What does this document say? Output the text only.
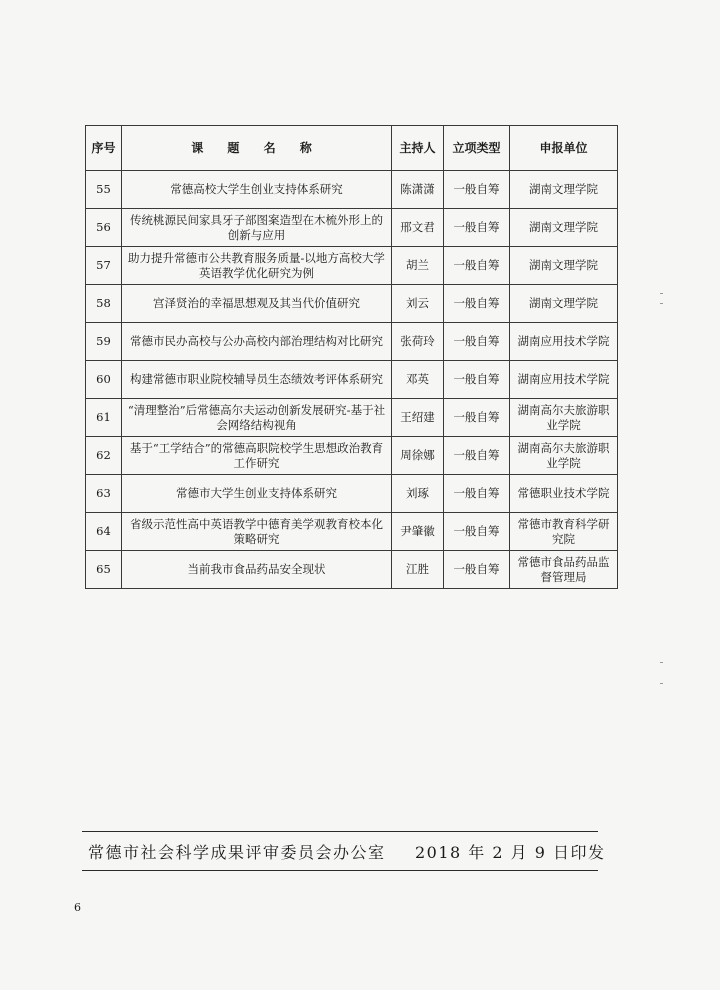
序号	课 题 名 称	主持人	立项类型	申报单位
55	常德高校大学生创业支持体系研究	陈潇潇	一般自筹	湖南文理学院
56	传统桃源民间家具牙子部图案造型在木梳外形上的创新与应用	邢文君	一般自筹	湖南文理学院
57	助力提升常德市公共教育服务质量-以地方高校大学英语教学优化研究为例	胡兰	一般自筹	湖南文理学院
58	宫泽贤治的幸福思想观及其当代价值研究	刘云	一般自筹	湖南文理学院
59	常德市民办高校与公办高校内部治理结构对比研究	张荷玲	一般自筹	湖南应用技术学院
60	构建常德市职业院校辅导员生态绩效考评体系研究	邓英	一般自筹	湖南应用技术学院
61	“清理整治”后常德高尔夫运动创新发展研究-基于社会网络结构视角	王绍建	一般自筹	湖南高尔夫旅游职业学院
62	基于“工学结合”的常德高职院校学生思想政治教育工作研究	周徐娜	一般自筹	湖南高尔夫旅游职业学院
63	常德市大学生创业支持体系研究	刘琢	一般自筹	常德职业技术学院
64	省级示范性高中英语教学中德育美学观教育校本化策略研究	尹肇徽	一般自筹	常德市教育科学研究院
65	当前我市食品药品安全现状	江胜	一般自筹	常德市食品药品监督管理局
常德市社会科学成果评审委员会办公室 2018 年 2 月 9 日印发
6
